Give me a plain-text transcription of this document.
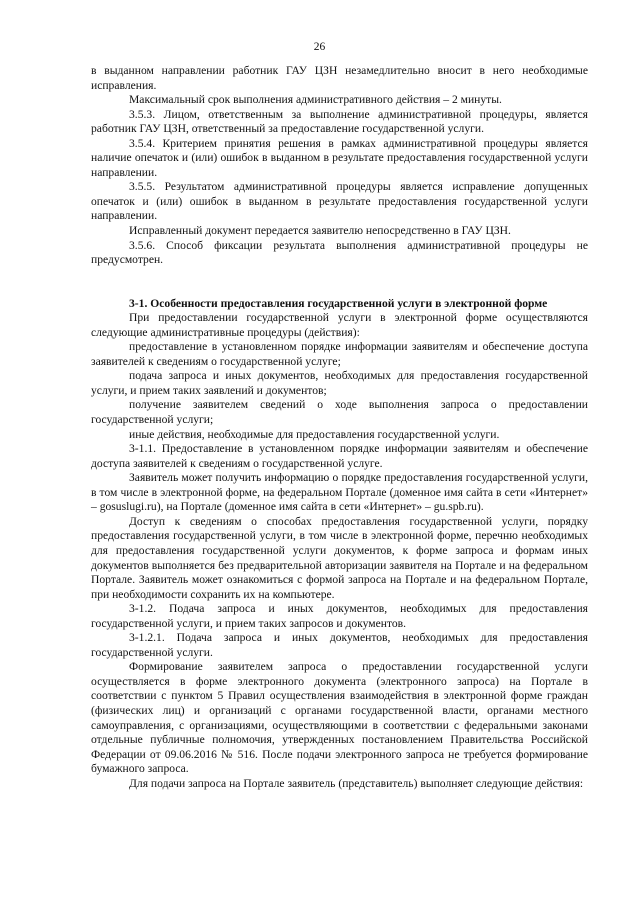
26

в выданном направлении работник ГАУ ЦЗН незамедлительно вносит в него необходимые исправления.

Максимальный срок выполнения административного действия – 2 минуты.

3.5.3. Лицом, ответственным за выполнение административной процедуры, является работник ГАУ ЦЗН, ответственный за предоставление государственной услуги.

3.5.4. Критерием принятия решения в рамках административной процедуры является наличие опечаток и (или) ошибок в выданном в результате предоставления государственной услуги направлении.

3.5.5. Результатом административной процедуры является исправление допущенных опечаток и (или) ошибок в выданном в результате предоставления государственной услуги направлении.

Исправленный документ передается заявителю непосредственно в ГАУ ЦЗН.

3.5.6. Способ фиксации результата выполнения административной процедуры не предусмотрен.

3-1. Особенности предоставления государственной услуги в электронной форме

При предоставлении государственной услуги в электронной форме осуществляются следующие административные процедуры (действия):

предоставление в установленном порядке информации заявителям и обеспечение доступа заявителей к сведениям о государственной услуге;

подача запроса и иных документов, необходимых для предоставления государственной услуги, и прием таких заявлений и документов;

получение заявителем сведений о ходе выполнения запроса о предоставлении государственной услуги;

иные действия, необходимые для предоставления государственной услуги.

3-1.1. Предоставление в установленном порядке информации заявителям и обеспечение доступа заявителей к сведениям о государственной услуге.

Заявитель может получить информацию о порядке предоставления государственной услуги, в том числе в электронной форме, на федеральном Портале (доменное имя сайта в сети «Интернет» – gosuslugi.ru), на Портале (доменное имя сайта в сети «Интернет» – gu.spb.ru).

Доступ к сведениям о способах предоставления государственной услуги, порядку предоставления государственной услуги, в том числе в электронной форме, перечню необходимых для предоставления государственной услуги документов, к форме запроса и формам иных документов выполняется без предварительной авторизации заявителя на Портале и на федеральном Портале. Заявитель может ознакомиться с формой запроса на Портале и на федеральном Портале, при необходимости сохранить их на компьютере.

3-1.2. Подача запроса и иных документов, необходимых для предоставления государственной услуги, и прием таких запросов и документов.

3-1.2.1. Подача запроса и иных документов, необходимых для предоставления государственной услуги.

Формирование заявителем запроса о предоставлении государственной услуги осуществляется в форме электронного документа (электронного запроса) на Портале в соответствии с пунктом 5 Правил осуществления взаимодействия в электронной форме граждан (физических лиц) и организаций с органами государственной власти, органами местного самоуправления, с организациями, осуществляющими в соответствии с федеральными законами отдельные публичные полномочия, утвержденных постановлением Правительства Российской Федерации от 09.06.2016 № 516. После подачи электронного запроса не требуется формирование бумажного запроса.

Для подачи запроса на Портале заявитель (представитель) выполняет следующие действия:
